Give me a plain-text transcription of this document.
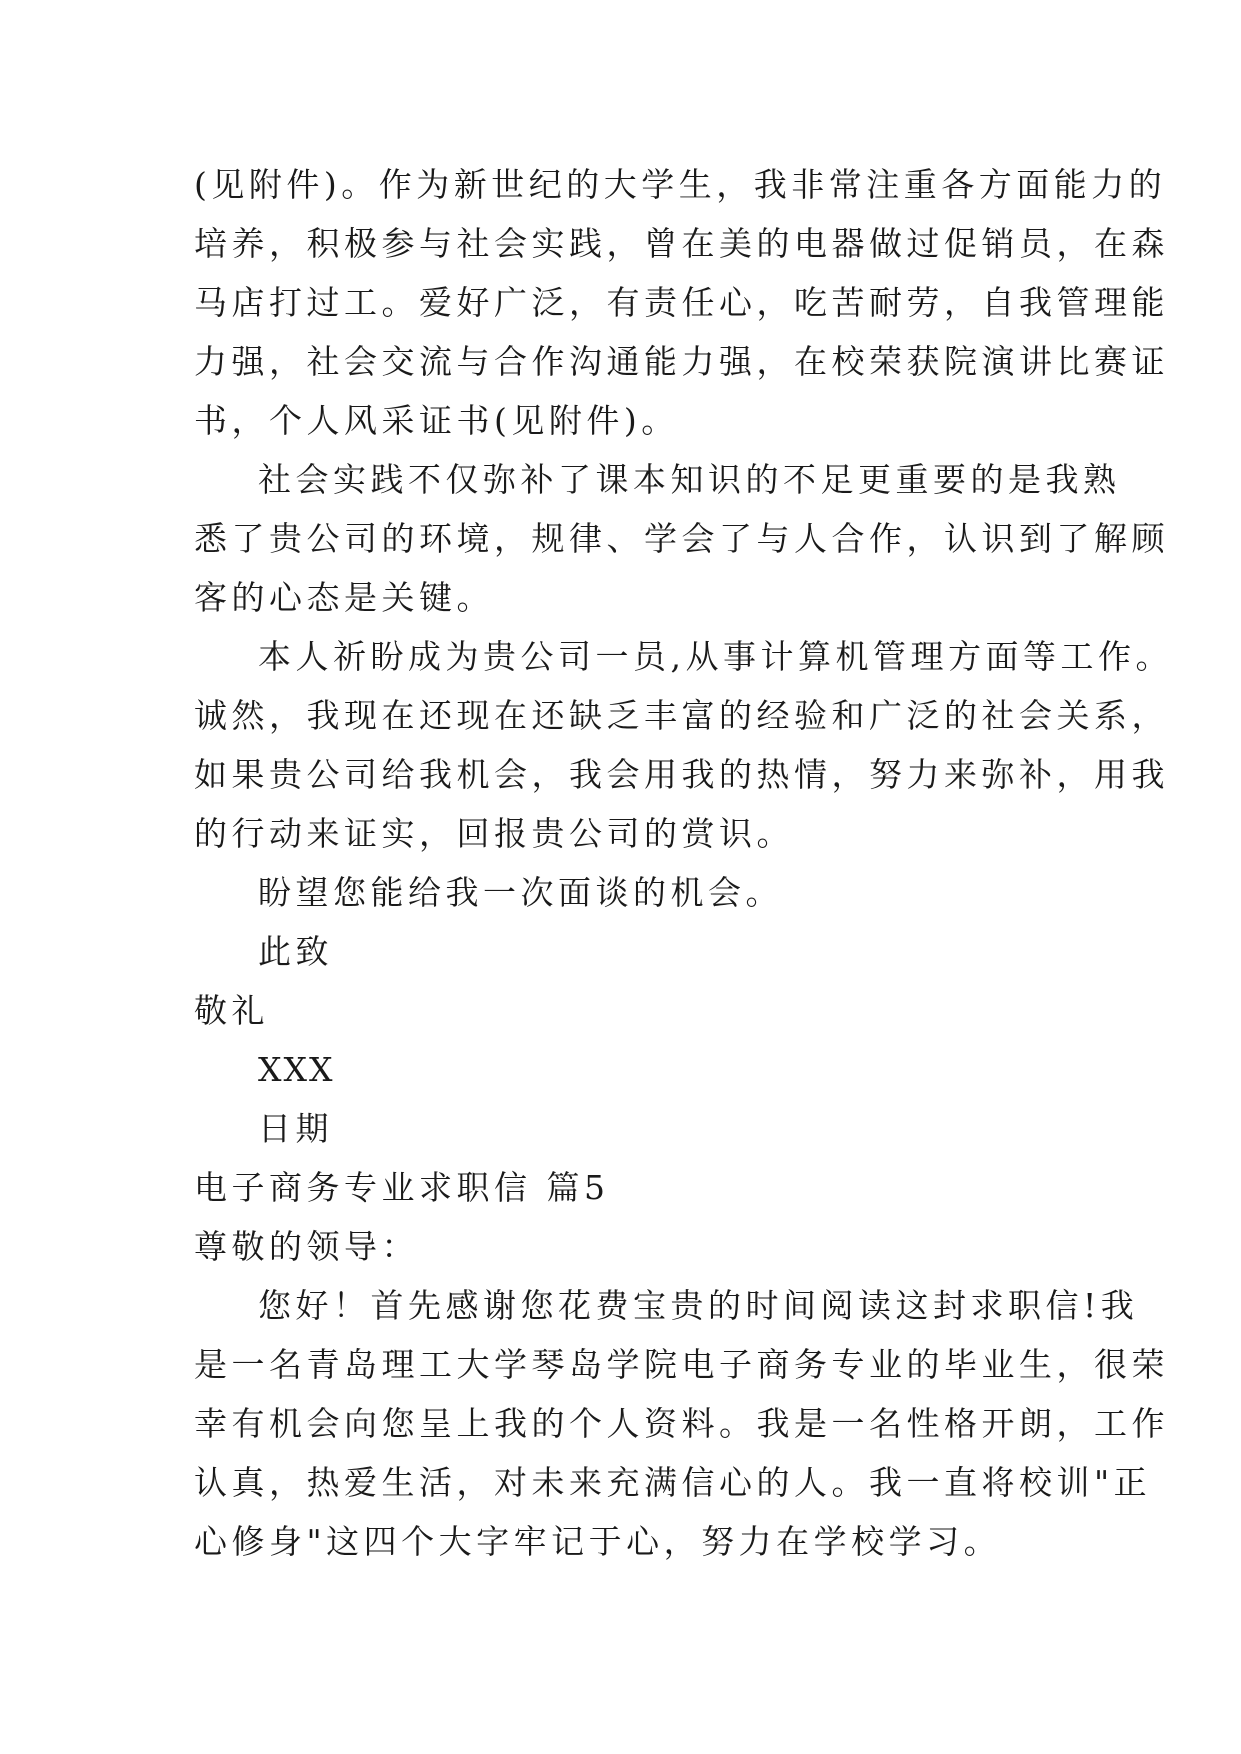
(见附件)。作为新世纪的大学生，我非常注重各方面能力的
培养，积极参与社会实践，曾在美的电器做过促销员，在森
马店打过工。爱好广泛，有责任心，吃苦耐劳，自我管理能
力强，社会交流与合作沟通能力强，在校荣获院演讲比赛证
书，个人风采证书(见附件)。
社会实践不仅弥补了课本知识的不足更重要的是我熟
悉了贵公司的环境，规律、学会了与人合作，认识到了解顾
客的心态是关键。
本人祈盼成为贵公司一员,从事计算机管理方面等工作。
诚然，我现在还现在还缺乏丰富的经验和广泛的社会关系，
如果贵公司给我机会，我会用我的热情，努力来弥补，用我
的行动来证实，回报贵公司的赏识。
盼望您能给我一次面谈的机会。
此致
敬礼
XXX
日期
电子商务专业求职信 篇5
尊敬的领导：
您好！首先感谢您花费宝贵的时间阅读这封求职信!我
是一名青岛理工大学琴岛学院电子商务专业的毕业生，很荣
幸有机会向您呈上我的个人资料。我是一名性格开朗，工作
认真，热爱生活，对未来充满信心的人。我一直将校训"正
心修身"这四个大字牢记于心，努力在学校学习。
